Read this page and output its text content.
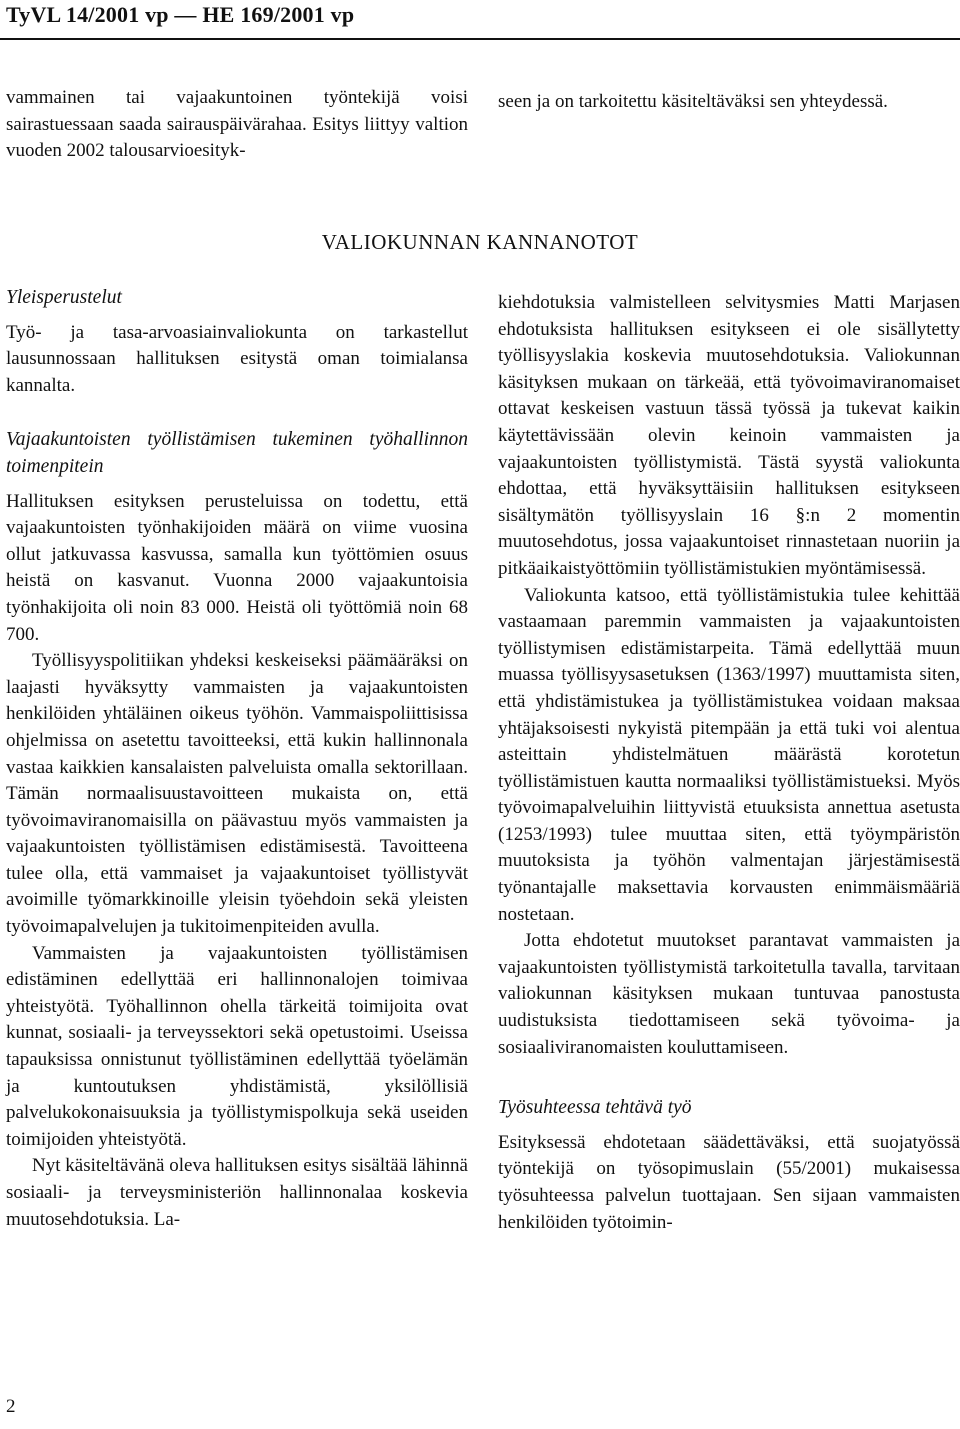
TyVL 14/2001 vp — HE 169/2001 vp

vammainen tai vajaakuntoinen työntekijä voisi sairastuessaan saada sairauspäivärahaa. Esitys liittyy valtion vuoden 2002 talousarvioesityk-

seen ja on tarkoitettu käsiteltäväksi sen yhteydessä.

VALIOKUNNAN KANNANOTOT

Yleisperustelut

Työ- ja tasa-arvoasiainvaliokunta on tarkastellut lausunnossaan hallituksen esitystä oman toimialansa kannalta.

Vajaakuntoisten työllistämisen tukeminen työhallinnon toimenpitein

Hallituksen esityksen perusteluissa on todettu, että vajaakuntoisten työnhakijoiden määrä on viime vuosina ollut jatkuvassa kasvussa, samalla kun työttömien osuus heistä on kasvanut. Vuonna 2000 vajaakuntoisia työnhakijoita oli noin 83 000. Heistä oli työttömiä noin 68 700.

Työllisyyspolitiikan yhdeksi keskeiseksi päämääräksi on laajasti hyväksytty vammaisten ja vajaakuntoisten henkilöiden yhtäläinen oikeus työhön. Vammaispoliittisissa ohjelmissa on asetettu tavoitteeksi, että kukin hallinnonala vastaa kaikkien kansalaisten palveluista omalla sektorillaan. Tämän normaalisuustavoitteen mukaista on, että työvoimaviranomaisilla on päävastuu myös vammaisten ja vajaakuntoisten työllistämisen edistämisestä. Tavoitteena tulee olla, että vammaiset ja vajaakuntoiset työllistyvät avoimille työmarkkinoille yleisin työehdoin sekä yleisten työvoimapalvelujen ja tukitoimenpiteiden avulla.

Vammaisten ja vajaakuntoisten työllistämisen edistäminen edellyttää eri hallinnonalojen toimivaa yhteistyötä. Työhallinnon ohella tärkeitä toimijoita ovat kunnat, sosiaali- ja terveyssektori sekä opetustoimi. Useissa tapauksissa onnistunut työllistäminen edellyttää työelämän ja kuntoutuksen yhdistämistä, yksilöllisiä palvelukokonaisuuksia ja työllistymispolkuja sekä useiden toimijoiden yhteistyötä.

Nyt käsiteltävänä oleva hallituksen esitys sisältää lähinnä sosiaali- ja terveysministeriön hallinnonalaa koskevia muutosehdotuksia. La-

kiehdotuksia valmistelleen selvitysmies Matti Marjasen ehdotuksista hallituksen esitykseen ei ole sisällytetty työllisyyslakia koskevia muutosehdotuksia. Valiokunnan käsityksen mukaan on tärkeää, että työvoimaviranomaiset ottavat keskeisen vastuun tässä työssä ja tukevat kaikin käytettävissään olevin keinoin vammaisten ja vajaakuntoisten työllistymistä. Tästä syystä valiokunta ehdottaa, että hyväksyttäisiin hallituksen esitykseen sisältymätön työllisyyslain 16 §:n 2 momentin muutosehdotus, jossa vajaakuntoiset rinnastetaan nuoriin ja pitkäaikaistyöttömiin työllistämistukien myöntämisessä.

Valiokunta katsoo, että työllistämistukia tulee kehittää vastaamaan paremmin vammaisten ja vajaakuntoisten työllistymisen edistämistarpeita. Tämä edellyttää muun muassa työllisyysasetuksen (1363/1997) muuttamista siten, että yhdistämistukea ja työllistämistukea voidaan maksaa yhtäjaksoisesti nykyistä pitempään ja että tuki voi alentua asteittain yhdistelmätuen määrästä korotetun työllistämistuen kautta normaaliksi työllistämistueksi. Myös työvoimapalveluihin liittyvistä etuuksista annettua asetusta (1253/1993) tulee muuttaa siten, että työympäristön muutoksista ja työhön valmentajan järjestämisestä työnantajalle maksettavia korvausten enimmäismääriä nostetaan.

Jotta ehdotetut muutokset parantavat vammaisten ja vajaakuntoisten työllistymistä tarkoitetulla tavalla, tarvitaan valiokunnan käsityksen mukaan tuntuvaa panostusta uudistuksista tiedottamiseen sekä työvoima- ja sosiaaliviranomaisten kouluttamiseen.

Työsuhteessa tehtävä työ

Esityksessä ehdotetaan säädettäväksi, että suojatyössä työntekijä on työsopimuslain (55/2001) mukaisessa työsuhteessa palvelun tuottajaan. Sen sijaan vammaisten henkilöiden työtoimin-

2
